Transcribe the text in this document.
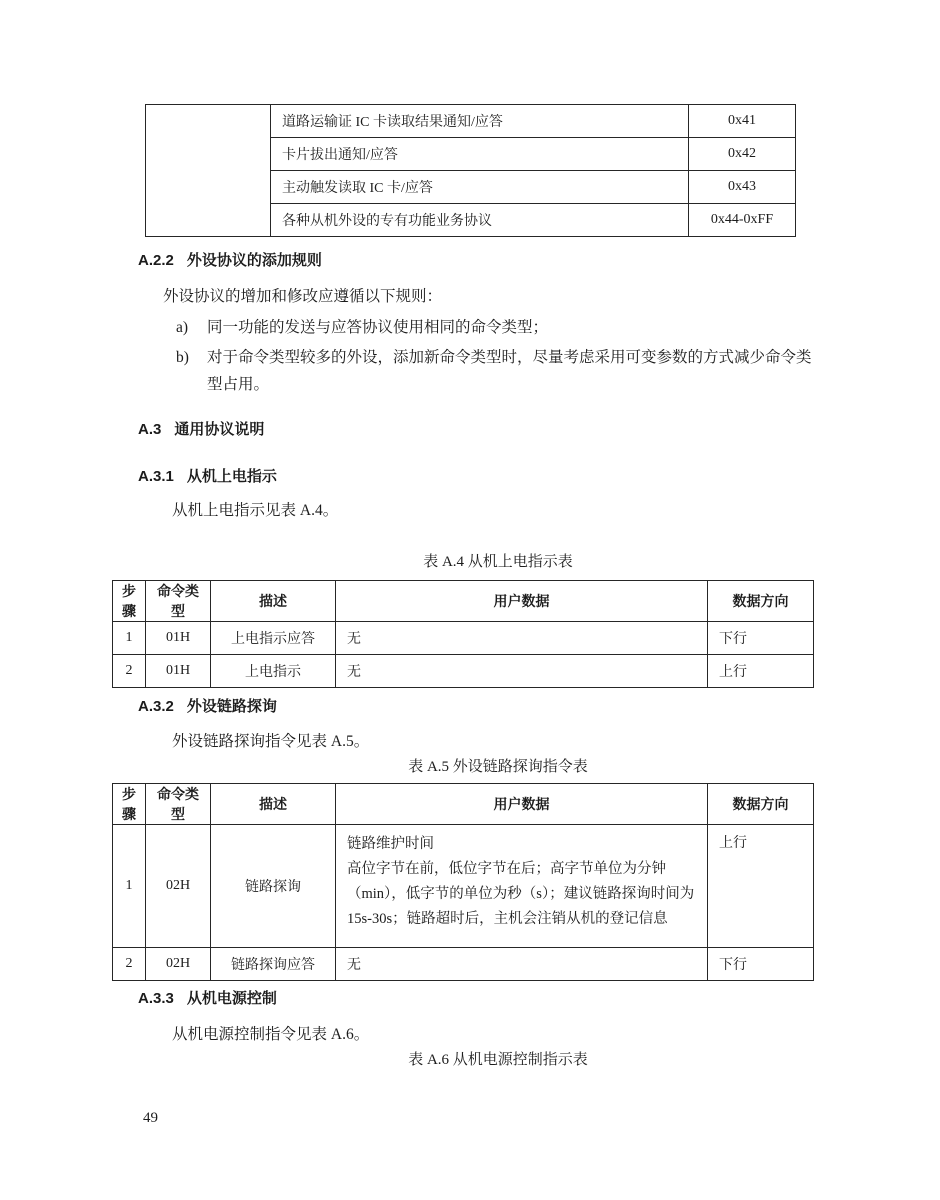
	道路运输证 IC 卡读取结果通知/应答	0x41
	卡片拔出通知/应答	0x42
	主动触发读取 IC 卡/应答	0x43
	各种从机外设的专有功能业务协议	0x44-0xFF
A.2.2 外设协议的添加规则
外设协议的增加和修改应遵循以下规则：
a) 同一功能的发送与应答协议使用相同的命令类型；
b) 对于命令类型较多的外设，添加新命令类型时，尽量考虑采用可变参数的方式减少命令类型占用。
A.3 通用协议说明
A.3.1 从机上电指示
从机上电指示见表 A.4。
表 A.4 从机上电指示表
步骤	命令类型	描述	用户数据	数据方向
1	01H	上电指示应答	无	下行
2	01H	上电指示	无	上行
A.3.2 外设链路探询
外设链路探询指令见表 A.5。
表 A.5 外设链路探询指令表
步骤	命令类型	描述	用户数据	数据方向
1	02H	链路探询	链路维护时间

高位字节在前，低位字节在后；高字节单位为分钟（min），低字节的单位为秒（s）；建议链路探询时间为 15s-30s；链路超时后，主机会注销从机的登记信息	上行
2	02H	链路探询应答	无	下行
A.3.3 从机电源控制
从机电源控制指令见表 A.6。
表 A.6 从机电源控制指示表
49
